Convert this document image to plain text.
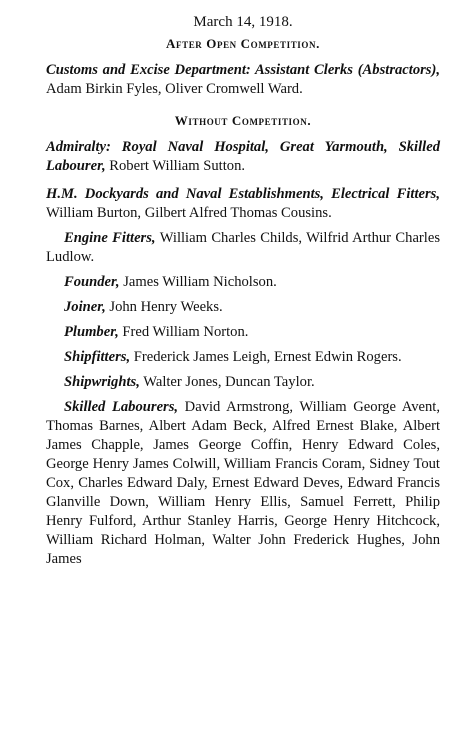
March 14, 1918.
After Open Competition.

Customs and Excise Department: Assistant Clerks (Abstractors), Adam Birkin Fyles, Oliver Cromwell Ward.

Without Competition.

Admiralty: Royal Naval Hospital, Great Yarmouth, Skilled Labourer, Robert William Sutton.

H.M. Dockyards and Naval Establishments, Electrical Fitters, William Burton, Gilbert Alfred Thomas Cousins.

Engine Fitters, William Charles Childs, Wilfrid Arthur Charles Ludlow.

Founder, James William Nicholson.

Joiner, John Henry Weeks.

Plumber, Fred William Norton.

Shipfitters, Frederick James Leigh, Ernest Edwin Rogers.

Shipwrights, Walter Jones, Duncan Taylor.

Skilled Labourers, David Armstrong, William George Avent, Thomas Barnes, Albert Adam Beck, Alfred Ernest Blake, Albert James Chapple, James George Coffin, Henry Edward Coles, George Henry James Colwill, William Francis Coram, Sidney Tout Cox, Charles Edward Daly, Ernest Edward Deves, Edward Francis Glanville Down, William Henry Ellis, Samuel Ferrett, Philip Henry Fulford, Arthur Stanley Harris, George Henry Hitchcock, William Richard Holman, Walter John Frederick Hughes, John James
